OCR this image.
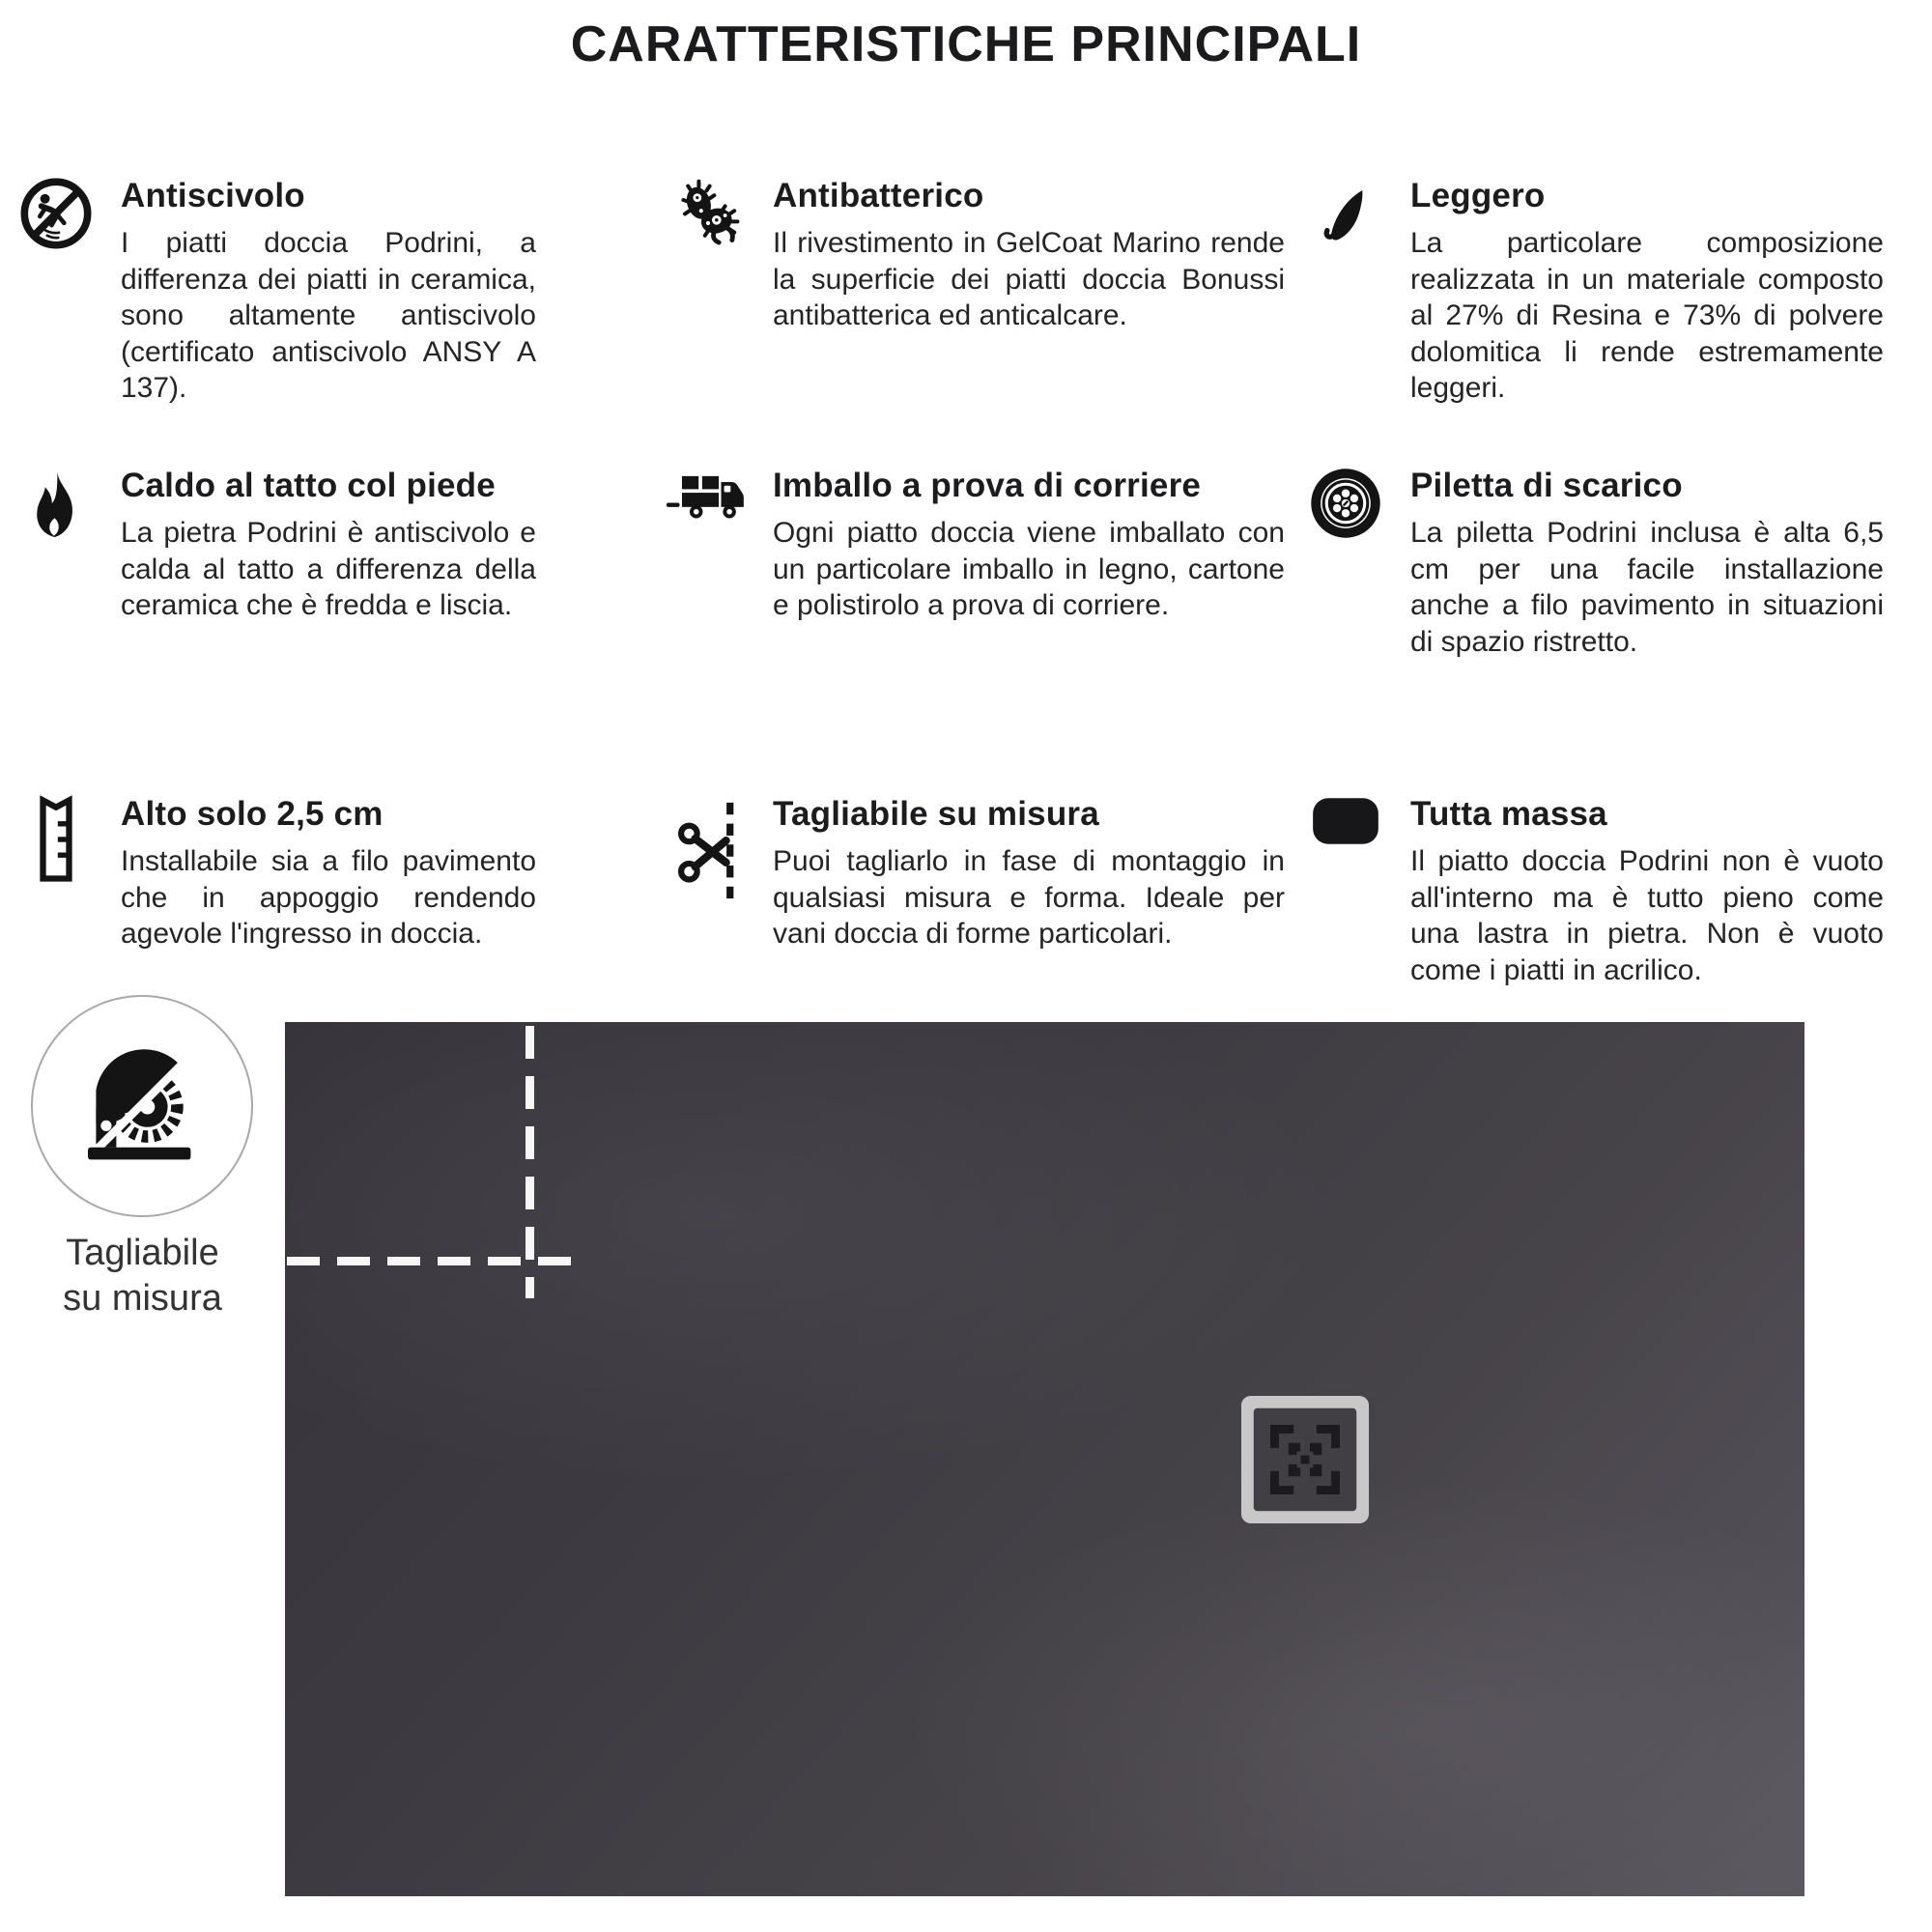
CARATTERISTICHE PRINCIPALI
Antiscivolo

I piatti doccia Podrini, a differenza dei piatti in ceramica, sono altamente antiscivolo (certificato antiscivolo ANSY A 137).

Antibatterico

Il rivestimento in GelCoat Marino rende la superficie dei piatti doccia Bonussi antibatterica ed anticalcare.

Leggero

La particolare composizione realizzata in un materiale composto al 27% di Resina e 73% di polvere dolomitica li rende estremamente leggeri.

Caldo al tatto col piede

La pietra Podrini è antiscivolo e calda al tatto a differenza della ceramica che è fredda e liscia.

Imballo a prova di corriere

Ogni piatto doccia viene imballato con un particolare imballo in legno, cartone e polistirolo a prova di corriere.

Piletta di scarico

La piletta Podrini inclusa è alta 6,5 cm per una facile installazione anche a filo pavimento in situazioni di spazio ristretto.

Alto solo 2,5 cm

Installabile sia a filo pavimento che in appoggio rendendo agevole l'ingresso in doccia.

Tagliabile su misura

Puoi tagliarlo in fase di montaggio in qualsiasi misura e forma. Ideale per vani doccia di forme particolari.

Tutta massa

Il piatto doccia Podrini non è vuoto all'interno ma è tutto pieno come una lastra in pietra. Non è vuoto come i piatti in acrilico.

Tagliabile
su misura
